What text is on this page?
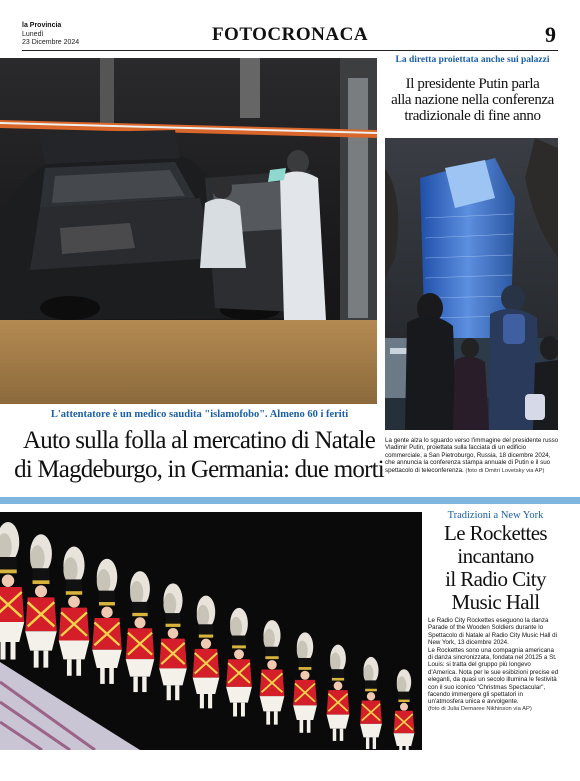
la Provincia
Lunedì
23 Dicembre 2024	FOTOCRONACA	9
L'attentatore è un medico saudita "islamofobo". Almeno 60 i feriti
Auto sulla folla al mercatino di Natale
di Magdeburgo, in Germania: due morti
La diretta proiettata anche sui palazzi
Il presidente Putin parla
alla nazione nella conferenza
tradizionale di fine anno
La gente alza lo sguardo verso l'immagine del presidente russo Vladimir Putin, proiettata sulla facciata di un edificio commerciale, a San Pietroburgo, Russia, 18 dicembre 2024, che annuncia la conferenza stampa annuale di Putin e il suo spettacolo di teleconferenza. (foto di Dmitri Lovetsky via AP)
Tradizioni a New York
Le Rockettes
incantano
il Radio City
Music Hall
Le Radio City Rockettes eseguono la danza Parade of the Wooden Soldiers durante lo Spettacolo di Natale al Radio City Music Hall di New York, 13 dicembre 2024.
Le Rockettes sono una compagnia americana di danza sincronizzata, fondata nel 20125 a St. Louis: si tratta del gruppo più longevo d'America. Nota per le sue esibizioni precise ed eleganti, da quasi un secolo illumina le festività con il suo iconico "Christmas Spectacular", facendo immergere gli spettatori in un'atmosfera unica e avvolgente.
(foto di Julia Demaree Nikhinson via AP)
